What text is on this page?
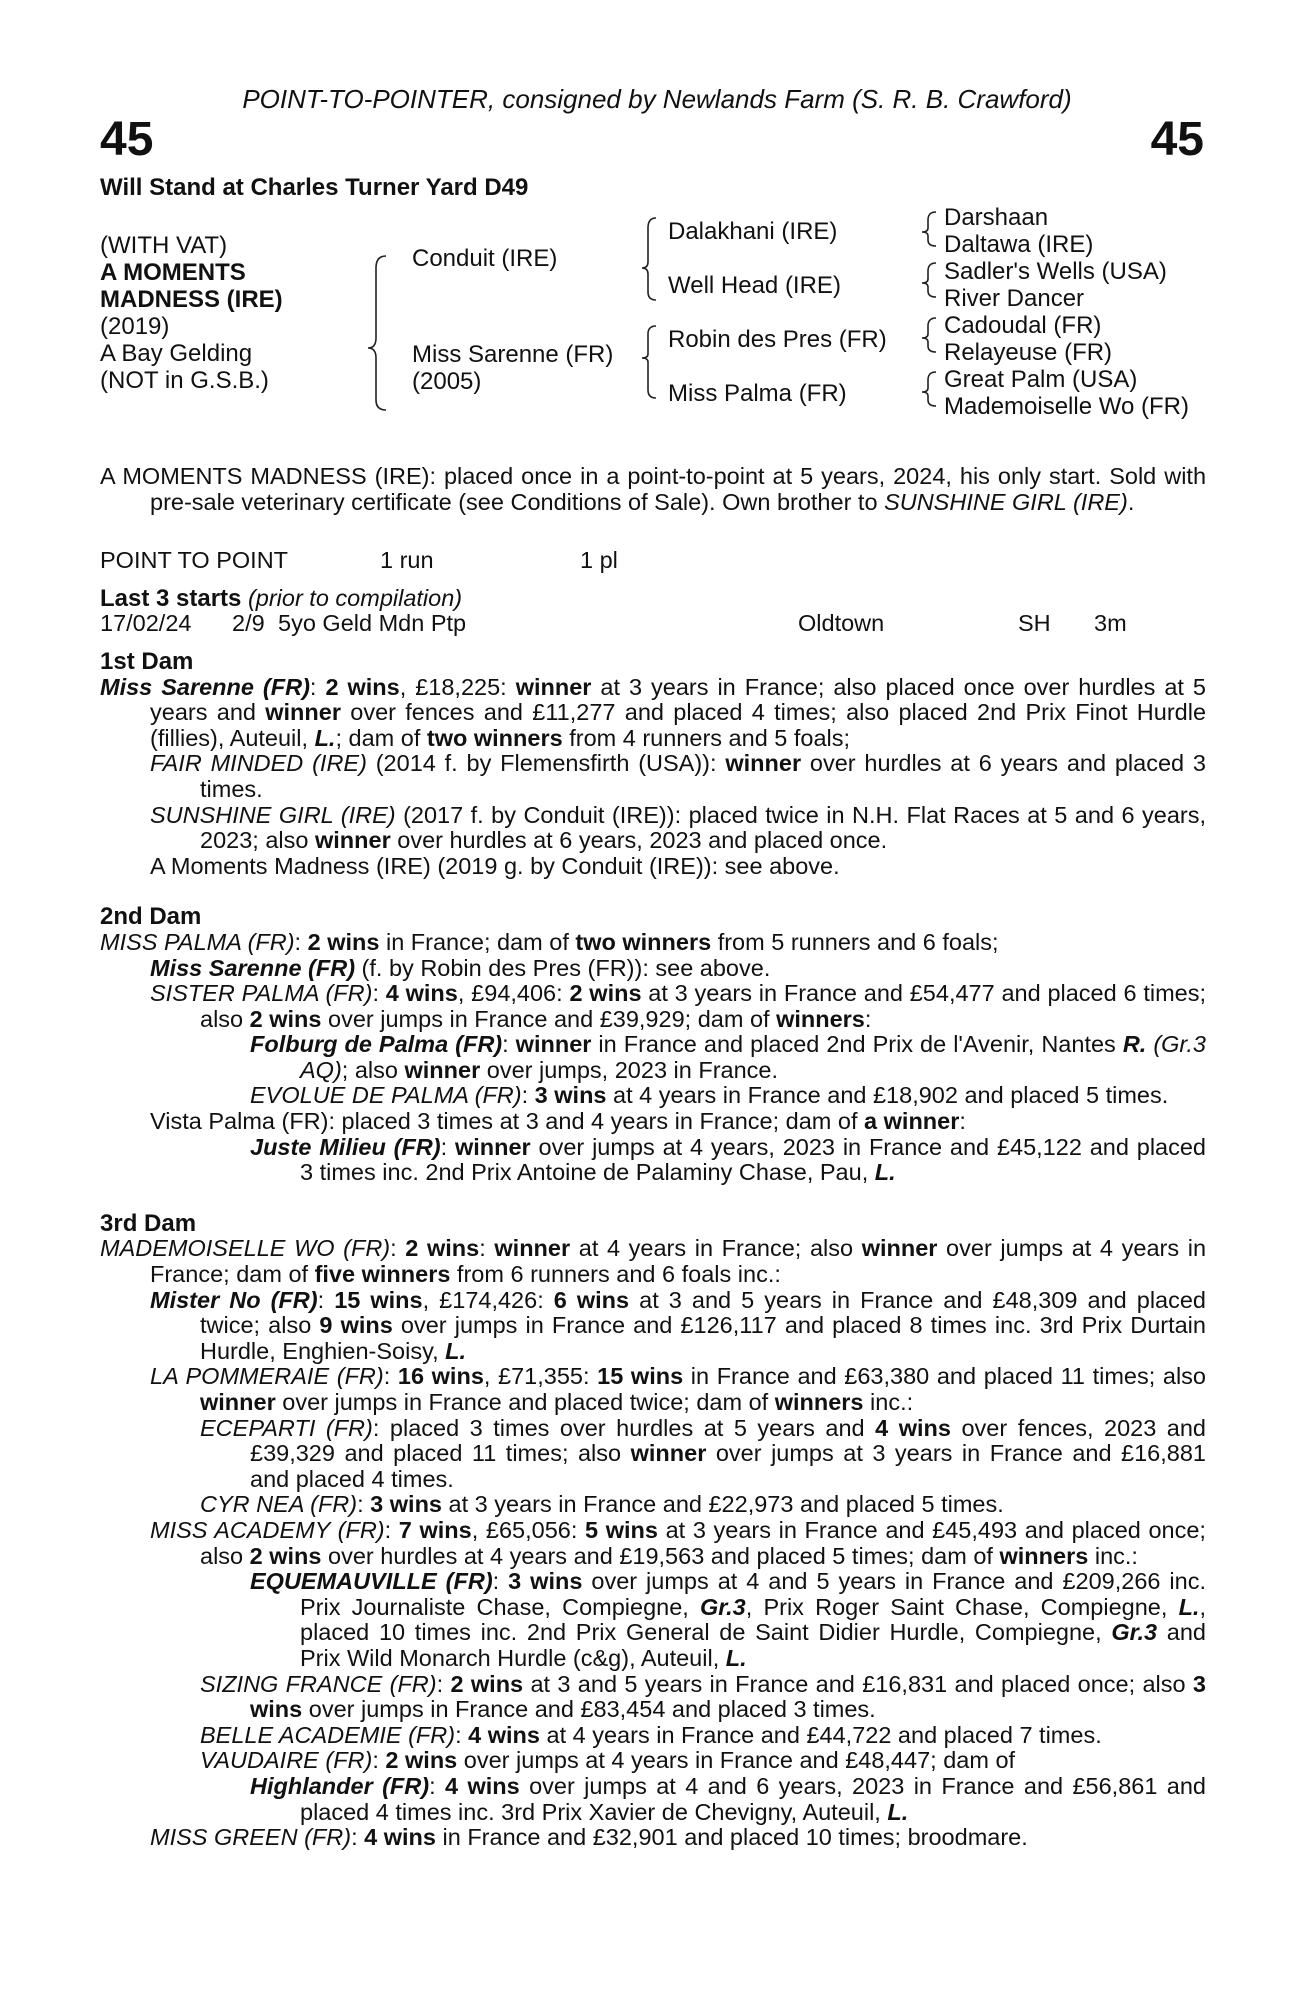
POINT-TO-POINTER, consigned by Newlands Farm (S. R. B. Crawford)
45	45
Will Stand at Charles Turner Yard D49
(WITH VAT)
A MOMENTS
MADNESS (IRE)
(2019)
A Bay Gelding
(NOT in G.S.B.)
Conduit (IRE)
Miss Sarenne (FR)
(2005)
Dalakhani (IRE)
Well Head (IRE)
Robin des Pres (FR)
Miss Palma (FR)
Darshaan
Daltawa (IRE)
Sadler's Wells (USA)
River Dancer
Cadoudal (FR)
Relayeuse (FR)
Great Palm (USA)
Mademoiselle Wo (FR)

A MOMENTS MADNESS (IRE): placed once in a point-to-point at 5 years, 2024, his only start. Sold with pre-sale veterinary certificate (see Conditions of Sale). Own brother to SUNSHINE GIRL (IRE).

POINT TO POINT	1 run	1 pl
Last 3 starts (prior to compilation)
17/02/24 2/9 5yo Geld Mdn Ptp	Oldtown	SH 3m
1st Dam

Miss Sarenne (FR): 2 wins, £18,225: winner at 3 years in France; also placed once over hurdles at 5 years and winner over fences and £11,277 and placed 4 times; also placed 2nd Prix Finot Hurdle (fillies), Auteuil, L.; dam of two winners from 4 runners and 5 foals;

FAIR MINDED (IRE) (2014 f. by Flemensfirth (USA)): winner over hurdles at 6 years and placed 3 times.

SUNSHINE GIRL (IRE) (2017 f. by Conduit (IRE)): placed twice in N.H. Flat Races at 5 and 6 years, 2023; also winner over hurdles at 6 years, 2023 and placed once.

A Moments Madness (IRE) (2019 g. by Conduit (IRE)): see above.

2nd Dam

MISS PALMA (FR): 2 wins in France; dam of two winners from 5 runners and 6 foals;

Miss Sarenne (FR) (f. by Robin des Pres (FR)): see above.

SISTER PALMA (FR): 4 wins, £94,406: 2 wins at 3 years in France and £54,477 and placed 6 times; also 2 wins over jumps in France and £39,929; dam of winners:

Folburg de Palma (FR): winner in France and placed 2nd Prix de l'Avenir, Nantes R. (Gr.3 AQ); also winner over jumps, 2023 in France.

EVOLUE DE PALMA (FR): 3 wins at 4 years in France and £18,902 and placed 5 times.

Vista Palma (FR): placed 3 times at 3 and 4 years in France; dam of a winner:

Juste Milieu (FR): winner over jumps at 4 years, 2023 in France and £45,122 and placed 3 times inc. 2nd Prix Antoine de Palaminy Chase, Pau, L.

3rd Dam

MADEMOISELLE WO (FR): 2 wins: winner at 4 years in France; also winner over jumps at 4 years in France; dam of five winners from 6 runners and 6 foals inc.:

Mister No (FR): 15 wins, £174,426: 6 wins at 3 and 5 years in France and £48,309 and placed twice; also 9 wins over jumps in France and £126,117 and placed 8 times inc. 3rd Prix Durtain Hurdle, Enghien-Soisy, L.

LA POMMERAIE (FR): 16 wins, £71,355: 15 wins in France and £63,380 and placed 11 times; also winner over jumps in France and placed twice; dam of winners inc.:

ECEPARTI (FR): placed 3 times over hurdles at 5 years and 4 wins over fences, 2023 and £39,329 and placed 11 times; also winner over jumps at 3 years in France and £16,881 and placed 4 times.

CYR NEA (FR): 3 wins at 3 years in France and £22,973 and placed 5 times.

MISS ACADEMY (FR): 7 wins, £65,056: 5 wins at 3 years in France and £45,493 and placed once; also 2 wins over hurdles at 4 years and £19,563 and placed 5 times; dam of winners inc.:

EQUEMAUVILLE (FR): 3 wins over jumps at 4 and 5 years in France and £209,266 inc. Prix Journaliste Chase, Compiegne, Gr.3, Prix Roger Saint Chase, Compiegne, L., placed 10 times inc. 2nd Prix General de Saint Didier Hurdle, Compiegne, Gr.3 and Prix Wild Monarch Hurdle (c&g), Auteuil, L.

SIZING FRANCE (FR): 2 wins at 3 and 5 years in France and £16,831 and placed once; also 3 wins over jumps in France and £83,454 and placed 3 times.

BELLE ACADEMIE (FR): 4 wins at 4 years in France and £44,722 and placed 7 times.

VAUDAIRE (FR): 2 wins over jumps at 4 years in France and £48,447; dam of

Highlander (FR): 4 wins over jumps at 4 and 6 years, 2023 in France and £56,861 and placed 4 times inc. 3rd Prix Xavier de Chevigny, Auteuil, L.

MISS GREEN (FR): 4 wins in France and £32,901 and placed 10 times; broodmare.
